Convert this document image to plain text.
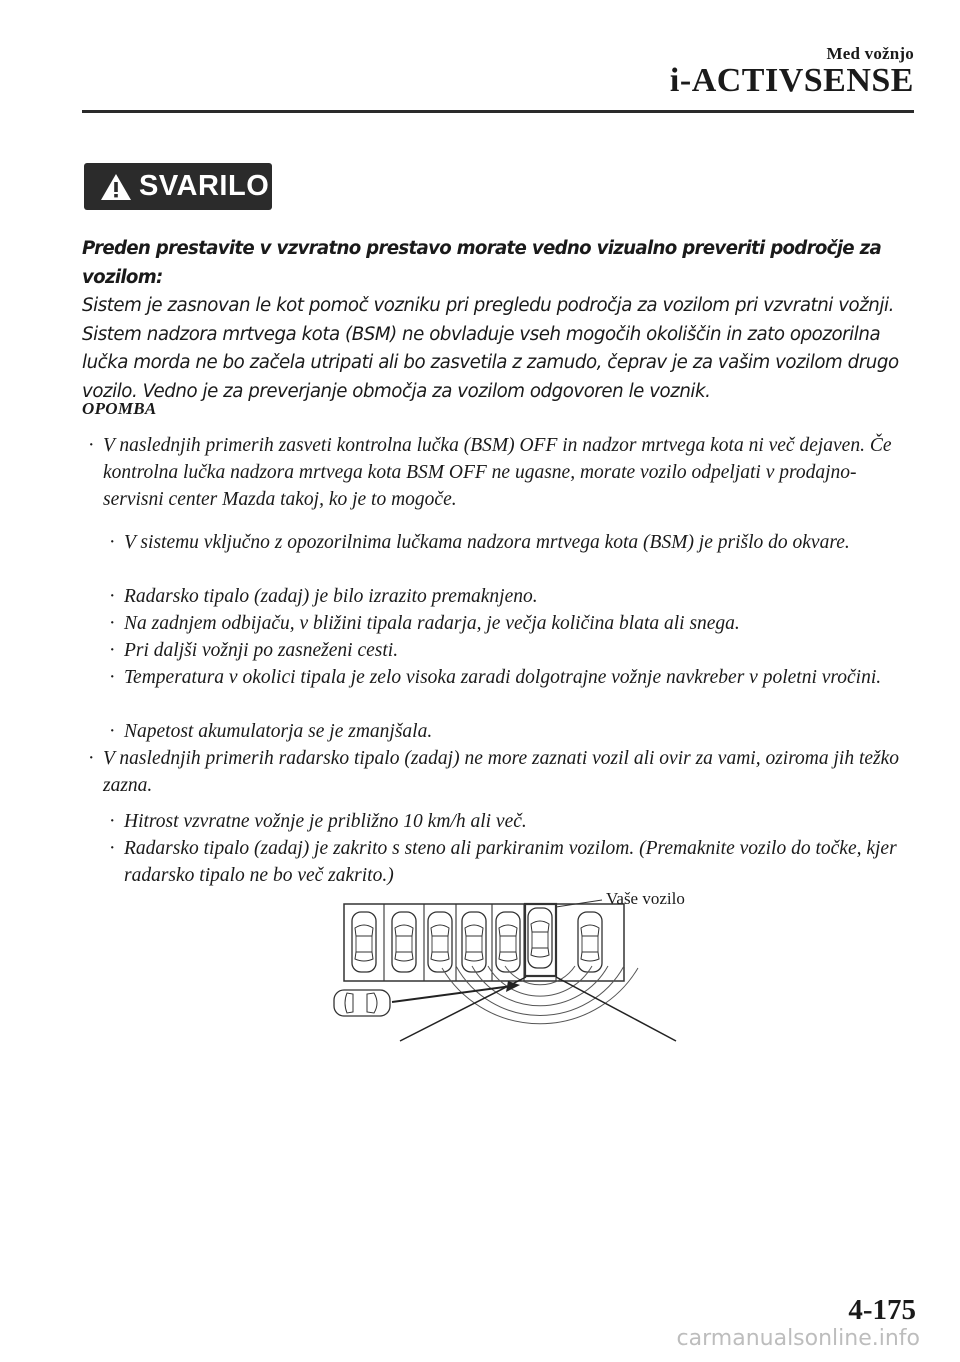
Med vožnjo
i-ACTIVSENSE
SVARILO

Preden prestavite v vzvratno prestavo morate vedno vizualno preveriti področje za vozilom:

Sistem je zasnovan le kot pomoč vozniku pri pregledu področja za vozilom pri vzvratni vožnji. Sistem nadzora mrtvega kota (BSM) ne obvladuje vseh mogočih okoliščin in zato opozorilna lučka morda ne bo začela utripati ali bo zasvetila z zamudo, čeprav je za vašim vozilom drugo vozilo. Vedno je za preverjanje območja za vozilom odgovoren le voznik.

OPOMBA
· V naslednjih primerih zasveti kontrolna lučka (BSM) OFF in nadzor mrtvega kota ni več dejaven. Če kontrolna lučka nadzora mrtvega kota BSM OFF ne ugasne, morate vozilo odpeljati v prodajno-servisni center Mazda takoj, ko je to mogoče.
· V sistemu vključno z opozorilnima lučkama nadzora mrtvega kota (BSM) je prišlo do okvare.
· Radarsko tipalo (zadaj) je bilo izrazito premaknjeno.
· Na zadnjem odbijaču, v bližini tipala radarja, je večja količina blata ali snega.
· Pri daljši vožnji po zasneženi cesti.
· Temperatura v okolici tipala je zelo visoka zaradi dolgotrajne vožnje navkreber v poletni vročini.
· Napetost akumulatorja se je zmanjšala.
· V naslednjih primerih radarsko tipalo (zadaj) ne more zaznati vozil ali ovir za vami, oziroma jih težko zazna.
· Hitrost vzvratne vožnje je približno 10 km/h ali več.
· Radarsko tipalo (zadaj) je zakrito s steno ali parkiranim vozilom. (Premaknite vozilo do točke, kjer radarsko tipalo ne bo več zakrito.)
Vaše vozilo
4-175
carmanualsonline.info
